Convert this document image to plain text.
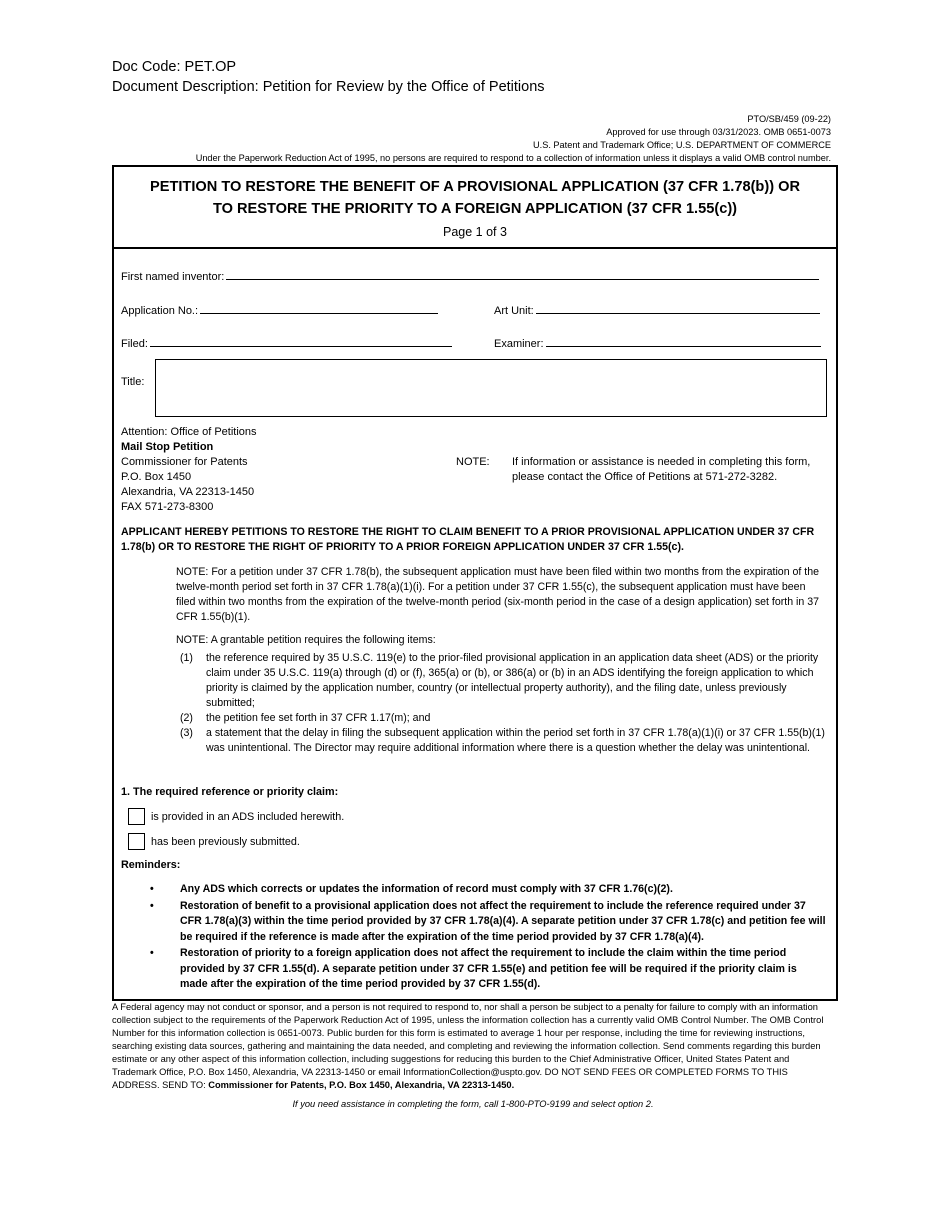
Doc Code: PET.OP
Document Description: Petition for Review by the Office of Petitions
PTO/SB/459 (09-22)
Approved for use through 03/31/2023. OMB 0651-0073
U.S. Patent and Trademark Office; U.S. DEPARTMENT OF COMMERCE
Under the Paperwork Reduction Act of 1995, no persons are required to respond to a collection of information unless it displays a valid OMB control number.
PETITION TO RESTORE THE BENEFIT OF A PROVISIONAL APPLICATION (37 CFR 1.78(b)) OR
TO RESTORE THE PRIORITY TO A FOREIGN APPLICATION (37 CFR 1.55(c))
Page 1 of 3
First named inventor:
Application No.:	Art Unit:
Filed:	Examiner:
Title:
Attention: Office of Petitions
Mail Stop Petition
Commissioner for Patents
P.O. Box 1450
Alexandria, VA 22313-1450
FAX 571-273-8300
NOTE: If information or assistance is needed in completing this form, please contact the Office of Petitions at 571-272-3282.
APPLICANT HEREBY PETITIONS TO RESTORE THE RIGHT TO CLAIM BENEFIT TO A PRIOR PROVISIONAL APPLICATION UNDER 37 CFR 1.78(b) OR TO RESTORE THE RIGHT OF PRIORITY TO A PRIOR FOREIGN APPLICATION UNDER 37 CFR 1.55(c).
NOTE: For a petition under 37 CFR 1.78(b), the subsequent application must have been filed within two months from the expiration of the twelve-month period set forth in 37 CFR 1.78(a)(1)(i). For a petition under 37 CFR 1.55(c), the subsequent application must have been filed within two months from the expiration of the twelve-month period (six-month period in the case of a design application) set forth in 37 CFR 1.55(b)(1).
NOTE: A grantable petition requires the following items:
(1)	the reference required by 35 U.S.C. 119(e) to the prior-filed provisional application in an application data sheet (ADS) or the priority claim under 35 U.S.C. 119(a) through (d) or (f), 365(a) or (b), or 386(a) or (b) in an ADS identifying the foreign application to which priority is claimed by the application number, country (or intellectual property authority), and the filing date, unless previously submitted;
(2)	the petition fee set forth in 37 CFR 1.17(m); and
(3)	a statement that the delay in filing the subsequent application within the period set forth in 37 CFR 1.78(a)(1)(i) or 37 CFR 1.55(b)(1) was unintentional. The Director may require additional information where there is a question whether the delay was unintentional.
1. The required reference or priority claim:
is provided in an ADS included herewith.
has been previously submitted.
Reminders:
•	Any ADS which corrects or updates the information of record must comply with 37 CFR 1.76(c)(2).
•	Restoration of benefit to a provisional application does not affect the requirement to include the reference required under 37 CFR 1.78(a)(3) within the time period provided by 37 CFR 1.78(a)(4). A separate petition under 37 CFR 1.78(c) and petition fee will be required if the reference is made after the expiration of the time period provided by 37 CFR 1.78(a)(4).
•	Restoration of priority to a foreign application does not affect the requirement to include the claim within the time period provided by 37 CFR 1.55(d). A separate petition under 37 CFR 1.55(e) and petition fee will be required if the priority claim is made after the expiration of the time period provided by 37 CFR 1.55(d).
A Federal agency may not conduct or sponsor, and a person is not required to respond to, nor shall a person be subject to a penalty for failure to comply with an information collection subject to the requirements of the Paperwork Reduction Act of 1995, unless the information collection has a currently valid OMB Control Number. The OMB Control Number for this information collection is 0651-0073. Public burden for this form is estimated to average 1 hour per response, including the time for reviewing instructions, searching existing data sources, gathering and maintaining the data needed, and completing and reviewing the information collection. Send comments regarding this burden estimate or any other aspect of this information collection, including suggestions for reducing this burden to the Chief Administrative Officer, United States Patent and Trademark Office, P.O. Box 1450, Alexandria, VA 22313-1450 or email InformationCollection@uspto.gov. DO NOT SEND FEES OR COMPLETED FORMS TO THIS ADDRESS. SEND TO: Commissioner for Patents, P.O. Box 1450, Alexandria, VA 22313-1450.
If you need assistance in completing the form, call 1-800-PTO-9199 and select option 2.
